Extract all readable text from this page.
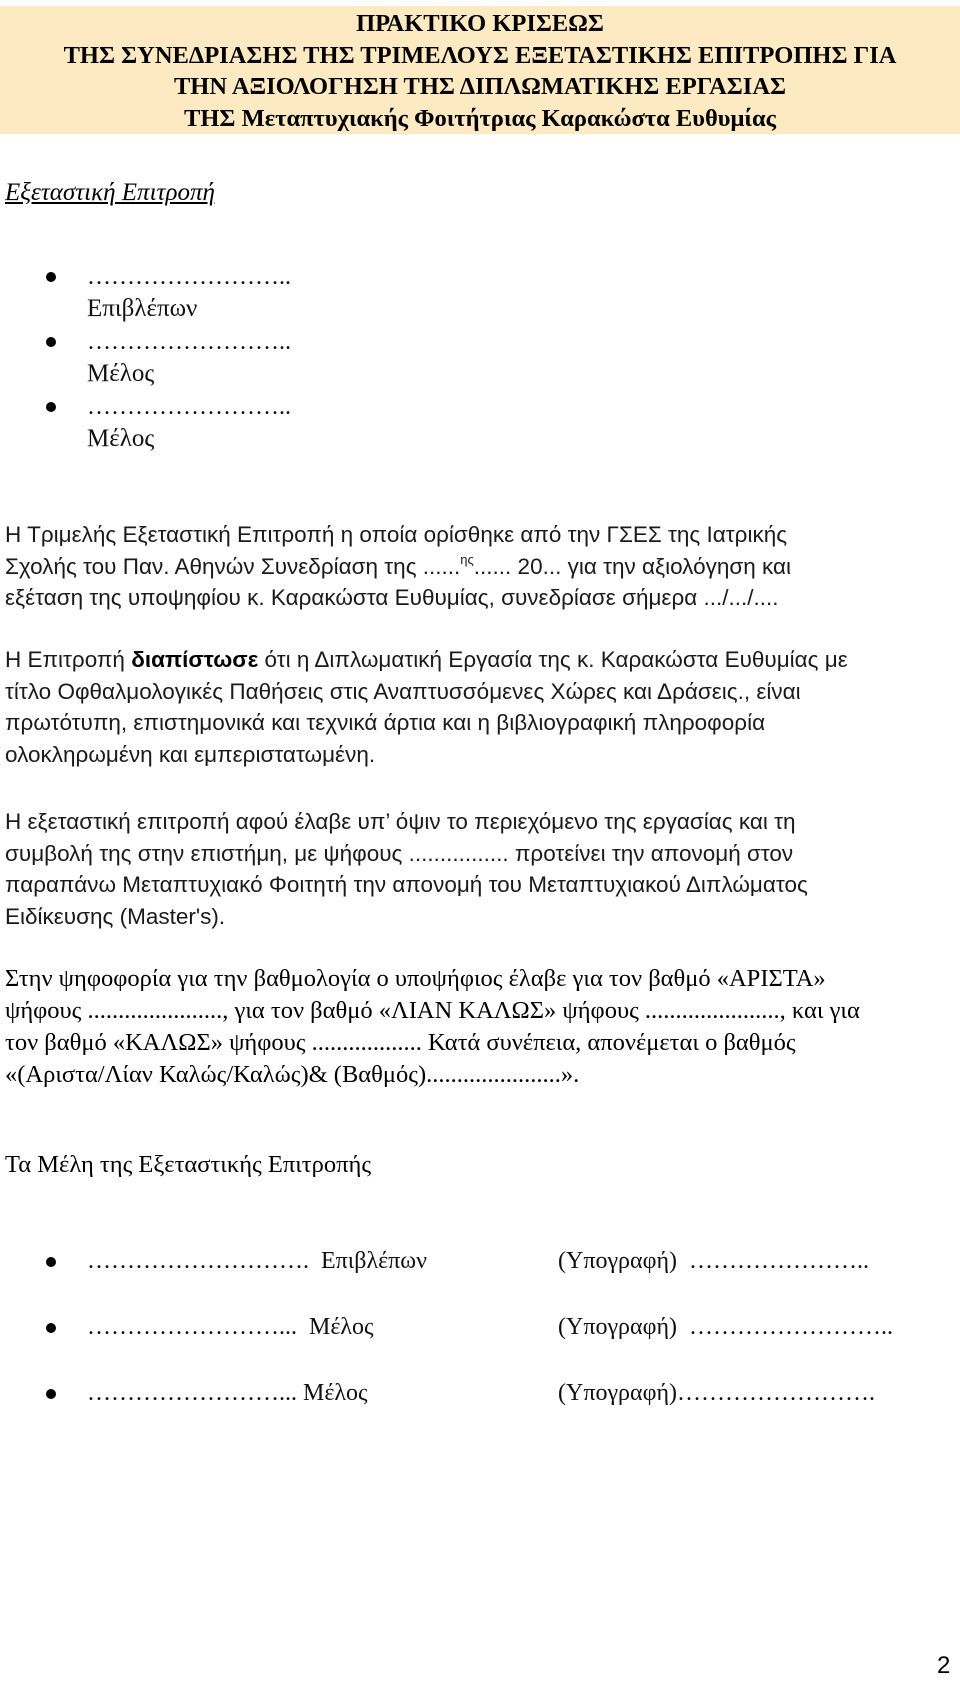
ΠΡΑΚΤΙΚΟ ΚΡΙΣΕΩΣ
ΤΗΣ ΣΥΝΕΔΡΙΑΣΗΣ ΤΗΣ ΤΡΙΜΕΛΟΥΣ ΕΞΕΤΑΣΤΙΚΗΣ ΕΠΙΤΡΟΠΗΣ ΓΙΑ
ΤΗΝ ΑΞΙΟΛΟΓΗΣΗ ΤΗΣ ΔΙΠΛΩΜΑΤΙΚΗΣ ΕΡΓΑΣΙΑΣ
ΤΗΣ Μεταπτυχιακής Φοιτήτριας Καρακώστα Ευθυμίας
Εξεταστική Επιτροπή
……………………..
Επιβλέπων
……………………..
Μέλος
……………………..
Μέλος
Η Τριμελής Εξεταστική Επιτροπή η οποία ορίσθηκε από την ΓΣΕΣ της Ιατρικής
Σχολής του Παν. Αθηνών Συνεδρίαση της ......$^{\eta\varsigma}$...... 20... για την αξιολόγηση και
εξέταση της υποψηφίου κ. Καρακώστα Ευθυμίας, συνεδρίασε σήμερα .../.../....
Η Επιτροπή διαπίστωσε ότι η Διπλωματική Εργασία της κ. Καρακώστα Ευθυμίας με
τίτλο Οφθαλμολογικές Παθήσεις στις Αναπτυσσόμενες Χώρες και Δράσεις., είναι
πρωτότυπη, επιστημονικά και τεχνικά άρτια και η βιβλιογραφική πληροφορία
ολοκληρωμένη και εμπεριστατωμένη.
Η εξεταστική επιτροπή αφού έλαβε υπ’ όψιν το περιεχόμενο της εργασίας και τη
συμβολή της στην επιστήμη, με ψήφους ................ προτείνει την απονομή στον
παραπάνω Μεταπτυχιακό Φοιτητή την απονομή του Μεταπτυχιακού Διπλώματος
Ειδίκευσης (Master's).
Στην ψηφοφορία για την βαθμολογία ο υποψήφιος έλαβε για τον βαθμό «ΑΡΙΣΤΑ»
ψήφους ......................, για τον βαθμό «ΛΙΑΝ ΚΑΛΩΣ» ψήφους ......................, και για
τον βαθμό «ΚΑΛΩΣ» ψήφους .................. Κατά συνέπεια, απονέμεται ο βαθμός
«(Αριστα/Λίαν Καλώς/Καλώς)& (Βαθμός)......................».
Τα Μέλη της Εξεταστικής Επιτροπής
……………………….  Επιβλέπων	(Υπογραφή)  …………………..
……………………...  Μέλος	(Υπογραφή)  ……………………..
……………………... Μέλος	(Υπογραφή)…………………….
2
